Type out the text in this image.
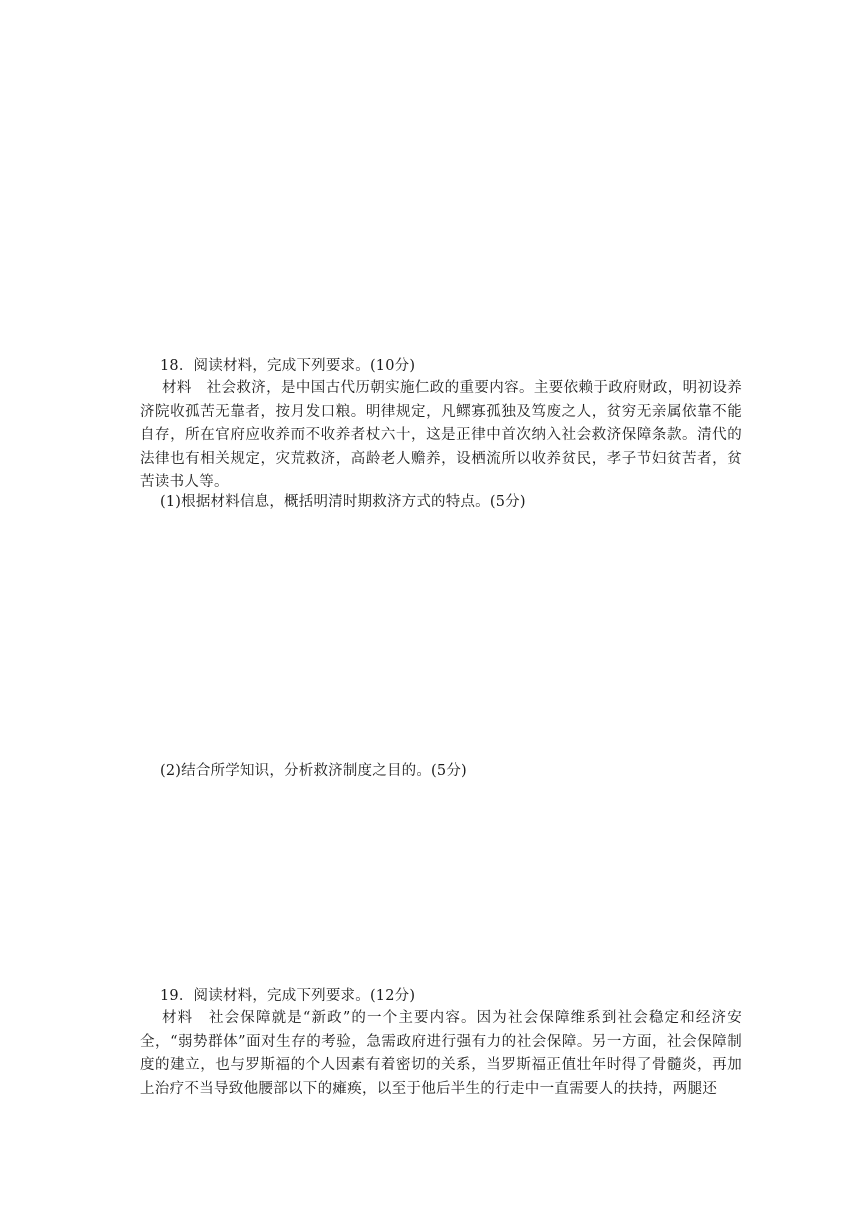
18．阅读材料，完成下列要求。(10分)
材料　社会救济，是中国古代历朝实施仁政的重要内容。主要依赖于政府财政，明初设养济院收孤苦无靠者，按月发口粮。明律规定，凡鳏寡孤独及笃废之人，贫穷无亲属依靠不能自存，所在官府应收养而不收养者杖六十，这是正律中首次纳入社会救济保障条款。清代的法律也有相关规定，灾荒救济，高龄老人赡养，设栖流所以收养贫民，孝子节妇贫苦者，贫苦读书人等。
(1)根据材料信息，概括明清时期救济方式的特点。(5分)
(2)结合所学知识，分析救济制度之目的。(5分)
19．阅读材料，完成下列要求。(12分)
材料　社会保障就是“新政”的一个主要内容。因为社会保障维系到社会稳定和经济安全，“弱势群体”面对生存的考验，急需政府进行强有力的社会保障。另一方面，社会保障制度的建立，也与罗斯福的个人因素有着密切的关系，当罗斯福正值壮年时得了骨髓炎，再加上治疗不当导致他腰部以下的瘫痪，以至于他后半生的行走中一直需要人的扶持，两腿还
